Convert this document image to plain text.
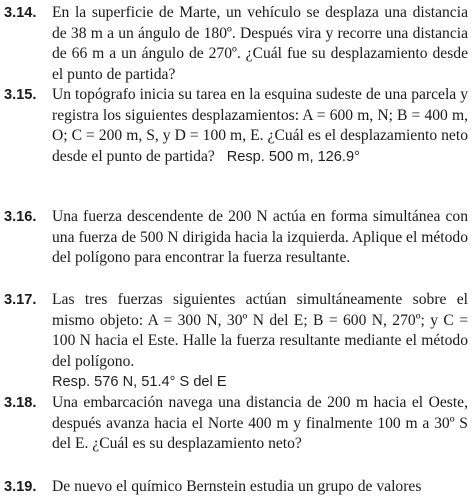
3.14. En la superficie de Marte, un vehículo se desplaza una distancia de 38 m a un ángulo de 180º. Después vira y recorre una distancia de 66 m a un ángulo de 270º. ¿Cuál fue su desplazamiento desde el punto de partida?
3.15. Un topógrafo inicia su tarea en la esquina sudeste de una parcela y registra los siguientes desplazamientos: A = 600 m, N; B = 400 m, O; C = 200 m, S, y D = 100 m, E. ¿Cuál es el desplazamiento neto desde el punto de partida? Resp. 500 m, 126.9°
3.16. Una fuerza descendente de 200 N actúa en forma simultánea con una fuerza de 500 N dirigida hacia la izquierda. Aplique el método del polígono para encontrar la fuerza resultante.
3.17. Las tres fuerzas siguientes actúan simultáneamente sobre el mismo objeto: A = 300 N, 30º N del E; B = 600 N, 270º; y C = 100 N hacia el Este. Halle la fuerza resultante mediante el método del polígono.
Resp. 576 N, 51.4° S del E
3.18. Una embarcación navega una distancia de 200 m hacia el Oeste, después avanza hacia el Norte 400 m y finalmente 100 m a 30º S del E. ¿Cuál es su desplazamiento neto?
3.19. De nuevo el químico Bernstein estudia un grupo de valores
